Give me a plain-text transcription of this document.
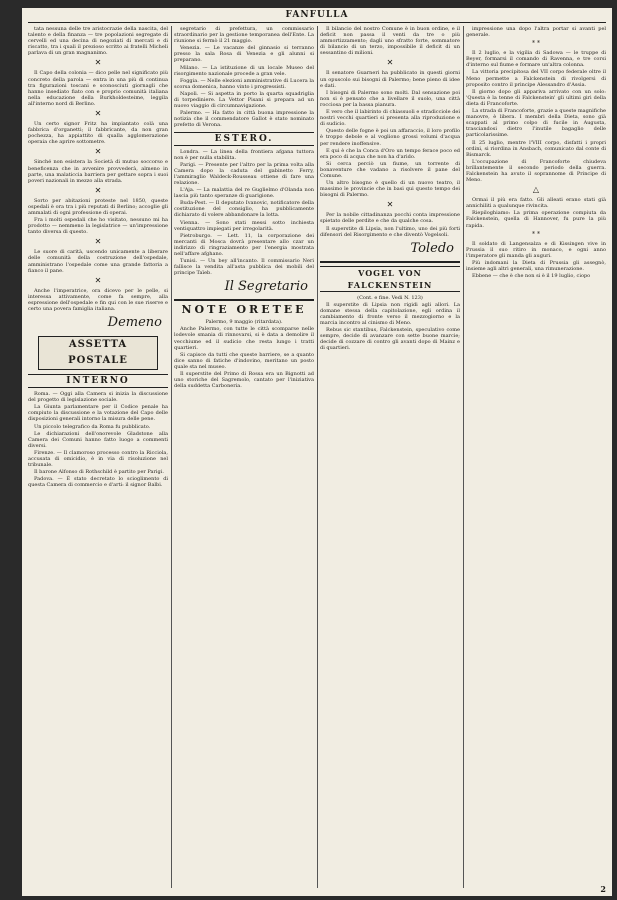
FANFULLA

tata nessuna delle tre aristocrazie della nascita, del talento e della finanza — tre popolazioni segregate di cervelli ed una decina di negoziati di mercati e di riscatto, tra i quali il prezioso scritto ai fratelli Micheli parlava di un gran magnanimo.

✕

Il Capo della colonia — dico pelle nel significato più concreto della parola — entra in una più di continua tra figurazioni toscani e sconosciuti giornagli che hanno insediato fiato con e proprio comunità italiana nella educazione della Burkholdesteime, leggila all'interno nord di Berlino.

✕

Un certo signor Fritz ha impiantato colà una fabbrica d'organetti; il fabbricante, da non gran pochezza, ha appiattito di qualla agglomerazione operaia che aprire sottometre.

✕

Sinché non esistera la Società di mutuo soccorso e beneficenza che in avvenire provvederà, almeno in parte, una malaticcia barriera per gettare sopra i suoi poveri nazionali in mezzo alla strada.

✕

Sorto per abitazioni proteste nel 1850, queste ospedali è ora tra i più reputati di Berlino; accoglie gli ammalati di ogni professione di operai.

Fra i molti ospedali che ho visitato, nessuno mi ha prodotto — nemmeno la legislatrice — un'impressione tanto diversa di questo.

✕

Le suore di carità, uscendo unicamente a liberare delle comunità della costruzione dell'ospedale, amministrano l'ospedale come una grande fattoria a fianco il pane.

✕

Anche l'imperatrice, ora dicevo per le pelle, si interessa attivamente, come fa sempre, alla espressione dell'ospedale e fin qui con le sue riserve e certo una povera famiglia italiana.

Demeno
ASSETTA POSTALE
INTERNO

Roma. — Oggi alla Camera si inizia la discussione del progetto di legislazione sociale.

La Giunta parlamentare per il Codice penale ha compiuto la discussione e la votazione del Capo delle disposizioni generali intorno la misura delle pene.

Un piccolo telegrafico da Roma fu pubblicato.

Le dichiarazioni dell'onorevole Gladstone alla Camera dei Comuni hanno fatto luogo a commenti diversi.

Firenze. — Il clamoroso processo contro la Ricciola, accusata di omicidio, è in via di risoluzione nel tribunale.

Il barone Alfonso di Rothschild è partito per Parigi.

Padova. — È stato decretato lo scioglimento di questa Camera di commercio e d'arti: il signor Balbi.

segretario di prefettura, un commissario straordinario per la gestione temporanea dell'Ente. La riunione si fermò il 21 maggio.

Venezia. — Le vacanze del ginnasio si terranno presso la sala Rosa di Venezia e gli alunni si preparano.

Milano. — La istituzione di un locale Museo del risorgimento nazionale procede a gran vele.

Foggia. — Nelle elezioni amministrative di Lucera la scorsa domenica, hanno vinto i progressisti.

Napoli. — Si aspetta in porto la quarta squadriglia di torpediniere. La Vettor Pisani si prepara ad un nuovo viaggio di circumnavigazione.

Palermo. — Ha fatto in città buona impressione la notizia che il commendatore Gallot è stato nominato prefetto di Verona.

ESTERO.

Londra. — La linea della frontiera afgana tuttora non è per nulla stabilita.

Parigi. — Presente per l'altro per la prima volta alla Camera dopo la caduta del gabinetto Ferry, l'ammiraglio Waldeck-Rousseau ottiene di fare una relazione.

L'Aja. — La malattia del re Guglielmo d'Olanda non lascia più tanto speranze di guarigione.

Buda-Pest. — Il deputato Ivanovic, notificatore della costituzione del consiglio, ha pubblicamente dichiarato di volere abbandonare la lotta.

Vienna. — Sono stati messi sotto inchiesta ventiquattro impiegati per irregolarità.

Pietroburgo. — Lett. 11, la corporazione dei mercanti di Mosca dovrà presentare allo czar un indirizzo di ringraziamento per l'energia mostrata nell'affare afghano.

Tunisi. — Un bey all'incanto. Il commissario Neri fallisce la vendita all'asta pubblica dei mobili del principe Taïeb.

Il Segretario
NOTE ORETEE
Palermo, 9 maggio (ritardata).

Anche Palermo, con tutte le città scomparse nelle lodevole smania di rinnovarsi, si è data a demolire il vecchiume ed il sudicio che resta lungo i tratti quartieri.

Si capisce da tutti che queste barriere, se a quanto dice sanno di fatiche d'indovino, meritano un posto quale sta nel museo.

Il superstite del Primo di Rossa era un Bignotti ad uno storiche del Sagremolo, cantato per l'iniziativa della suddetta Carboneria.

Il bilancio del nostro Comune è in buon ordine, e il deficit non passa il venti da tre o più ammortizzamento; dagli uno sfratto forte, sommatore di bilancio di un terzo, impossibile il deficit di un sessantino di milioni.

✕

Il senatore Guarneri ha pubblicato in questi giorni un opuscolo sui bisogni di Palermo; bene pieno di idee e dati.

I bisogni di Palermo sono molti. Dal sensazione poi non si è pensato che a livellare il suolo, una città rocciosa per la bassa pianura.

E vero che il labirinto di chiassuoli e stradicciole dei nostri vecchi quartieri si presenta alla riproduzione e di sudicio.

Questo delle fogne è poi un affaraccio, il loro profilo è troppo debole e al vogliono grossi volumi d'acqua per rendere inoffensive.

E qui è che la Conca d'Oro un tempo ferace poco ed era poco di acqua che non ha d'arido.

Si cerca perciò un fiume, un torrente di bonaventure che vadano a risolvere il pane del Comune.

Un altro bisogno è quello di un nuovo teatro, il massimo le provincie che in basi qui questo tempo dei bisogni di Palermo.

✕

Per la nobile cittadinanza pocchi conta impressione spietato delle perdite e che da qualche cosa.

Il superstite di Lipsia, non l'ultimo, uno dei più forti difensori del Risorgimento e che diventò Vogelsoli.

Toledo
VOGEL VON FALCKENSTEIN
(Cont. e fine. Vedi N. 123)

Il superstite di Lipsia non rigidi agli allori. La domane stessa della capitolazione, egli ordina il cambiamento di fronte verso il mezzogiorno e la marcia incontro al cinismo di Meno.

Rebus sic stantibus, Falckenstein, speculativo come sempre, decide di avanzare con sette buone marcie; decide di cozzare di contro gli avanti dopo di Mainz e di quartieri.

impressione una dopo l'altra portar si avanti pel generale.

* *

Il 2 luglio, e la vigilia di Sadowa — le truppe di Beyer, formarsi il comando di Ravenna, e tre corsi d'interno sul fiume e formare un'altra colonna.

La vittoria precipitosa del VII corpo federale oltre il Meno permette a Falckenstein di rivolgersi di proposito contro il principe Alessandro d'Assia.

Il giorno dopo gli appariva arrivato con un solo: 'Questa è la tenne di Falckenstein' gli ultimi giri della dieta di Francoforte.

La strada di Francoforte, grazie a queste magnifiche manovre, è libera. I membri della Dieta, sono già scappati al primo colpo di fucile in Augusta, trasciandosi dietro l'inutile bagaglio delle particolarissime.

Il 25 luglio, mentre l'VIII corpo, disfatti i propri ordini, si riordina in Ansbach, comunicato dal conte di Bismarck.

L'occupazione di Francoforte chiudeva brillantemente il secondo periodo della guerra. Falckenstein ha avuto il soprannome di Principe di Meno.

△

Ormai il più era fatto. Gli alleati erano stati già annichiliti a qualunque rivincita.

Riepiloghiamo: La prima operazione compiuta da Falckenstein, quella di Hannover, fu pure la più rapida.

* *

Il soldato di Langensalza e di Kissingen vive in Prussia il suo ritiro in monaco, e ogni anno l'imperatore gli manda gli auguri.

Più indomani la Dieta di Prussia gli assegnò, insieme agli altri generali, una rimunerazione.

Ebbene — che è che non si è il 19 luglio, ciopo

2
